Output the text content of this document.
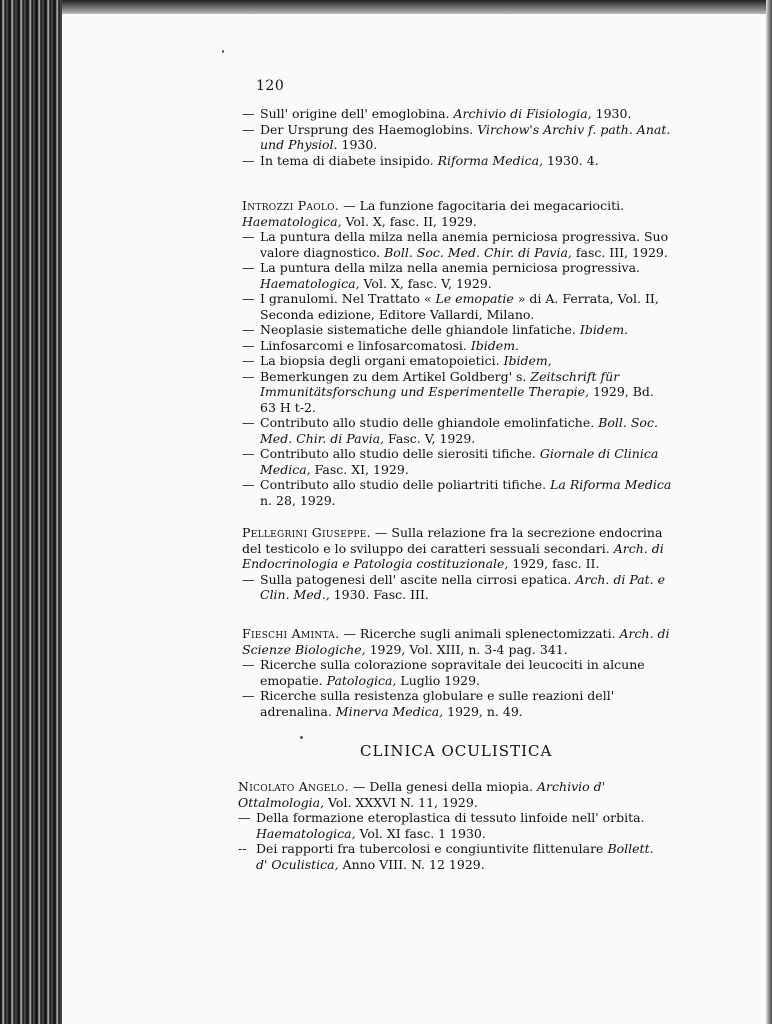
120
— Sull' origine dell' emoglobina. Archivio di Fisiologia, 1930.
— Der Ursprung des Haemoglobins. Virchow's Archiv f. path. Anat. und Physiol. 1930.
— In tema di diabete insipido. Riforma Medica, 1930. 4.
Introzzi Paolo. — La funzione fagocitaria dei megacariociti. Haematologica, Vol. X, fasc. II, 1929.
— La puntura della milza nella anemia perniciosa progressiva. Suo valore diagnostico. Boll. Soc. Med. Chir. di Pavia, fasc. III, 1929.
— La puntura della milza nella anemia perniciosa progressiva. Haematologica, Vol. X, fasc. V, 1929.
— I granulomi. Nel Trattato « Le emopatie » di A. Ferrata, Vol. II, Seconda edizione, Editore Vallardi, Milano.
— Neoplasie sistematiche delle ghiandole linfatiche. Ibidem.
— Linfosarcomi e linfosarcomatosi. Ibidem.
— La biopsia degli organi ematopoietici. Ibidem,
— Bemerkungen zu dem Artikel Goldberg' s. Zeitschrift für Immunitätsforschung und Esperimentelle Therapie, 1929, Bd. 63 H t-2.
— Contributo allo studio delle ghiandole emolinfatiche. Boll. Soc. Med. Chir. di Pavia, Fasc. V, 1929.
— Contributo allo studio delle sierositi tifiche. Giornale di Clinica Medica, Fasc. XI, 1929.
— Contributo allo studio delle poliartriti tifiche. La Riforma Medica n. 28, 1929.
Pellegrini Giuseppe. — Sulla relazione fra la secrezione endocrina del testicolo e lo sviluppo dei caratteri sessuali secondari. Arch. di Endocrinologia e Patologia costituzionale, 1929, fasc. II.
— Sulla patogenesi dell' ascite nella cirrosi epatica. Arch. di Pat. e Clin. Med., 1930. Fasc. III.
Fieschi Aminta. — Ricerche sugli animali splenectomizzati. Arch. di Scienze Biologiche, 1929, Vol. XIII, n. 3-4 pag. 341.
— Ricerche sulla colorazione sopravitale dei leucociti in alcune emopatie. Patologica, Luglio 1929.
— Ricerche sulla resistenza globulare e sulle reazioni dell' adrenalina. Minerva Medica, 1929, n. 49.
CLINICA OCULISTICA
Nicolato Angelo. — Della genesi della miopia. Archivio d' Ottalmologia, Vol. XXXVI N. 11, 1929.
— Della formazione eteroplastica di tessuto linfoide nell' orbita. Haematologica, Vol. XI fasc. 1 1930.
-- Dei rapporti fra tubercolosi e congiuntivite flittenulare Bollett. d' Oculistica, Anno VIII. N. 12 1929.
